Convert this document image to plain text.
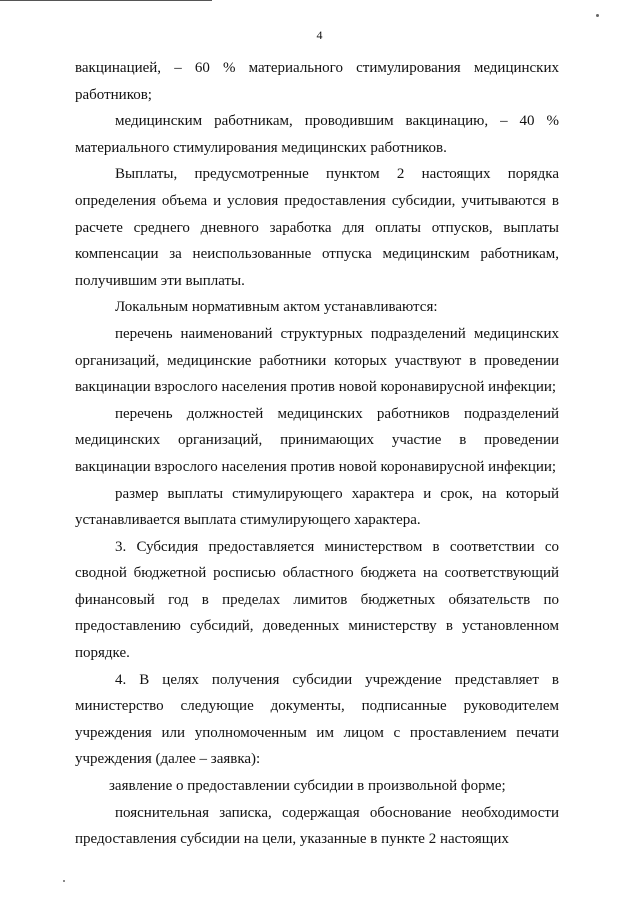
4

вакцинацией, – 60 % материального стимулирования медицинских работников;

медицинским работникам, проводившим вакцинацию, – 40 % материального стимулирования медицинских работников.

Выплаты, предусмотренные пунктом 2 настоящих порядка определения объема и условия предоставления субсидии, учитываются в расчете среднего дневного заработка для оплаты отпусков, выплаты компенсации за неиспользованные отпуска медицинским работникам, получившим эти выплаты.

Локальным нормативным актом устанавливаются:

перечень наименований структурных подразделений медицинских организаций, медицинские работники которых участвуют в проведении вакцинации взрослого населения против новой коронавирусной инфекции;

перечень должностей медицинских работников подразделений медицинских организаций, принимающих участие в проведении вакцинации взрослого населения против новой коронавирусной инфекции;

размер выплаты стимулирующего характера и срок, на который устанавливается выплата стимулирующего характера.

3. Субсидия предоставляется министерством в соответствии со сводной бюджетной росписью областного бюджета на соответствующий финансовый год в пределах лимитов бюджетных обязательств по предоставлению субсидий, доведенных министерству в установленном порядке.

4. В целях получения субсидии учреждение представляет в министерство следующие документы, подписанные руководителем учреждения или уполномоченным им лицом с проставлением печати учреждения (далее – заявка):

заявление о предоставлении субсидии в произвольной форме;

пояснительная записка, содержащая обоснование необходимости предоставления субсидии на цели, указанные в пункте 2 настоящих
